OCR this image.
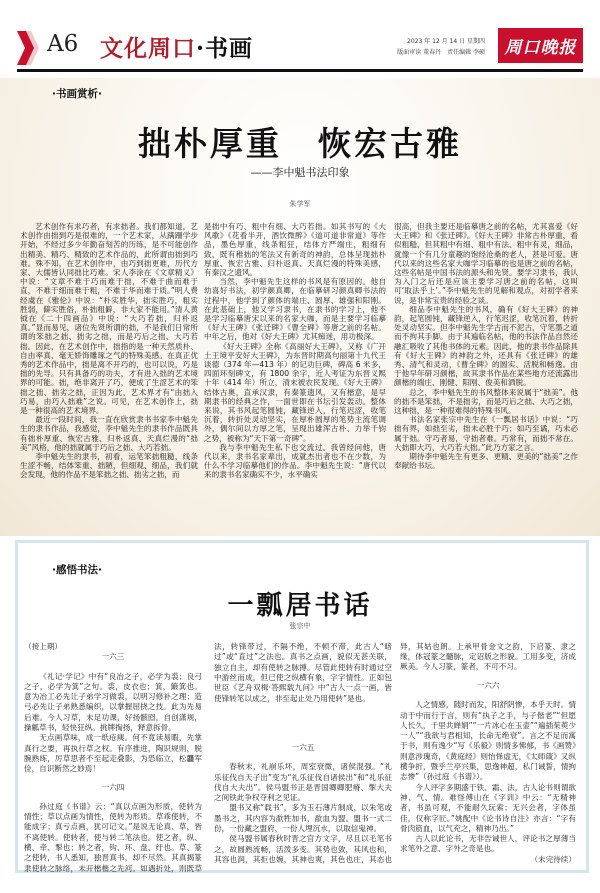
A6 文化周口·书画	2023 年 12 月 14 日 星期四
版面审读 董春丹　责任编辑 李硕	周口晚报
·书画赏析·
拙朴厚重　恢宏古雅
——李中魁书法印象
朱学军

艺术创作有求巧者，有求拙者。我们都知道，艺术创作由拙到巧是很难的，一个艺术家，从蹒跚学步开始，不经过多少年勤奋刻苦的历练，是不可能创作出精美、精巧、精致的艺术作品的，此所谓由拙到巧难。殊不知，在艺术创作中，由巧到拙更难，历代方家、大儒皆认同拙比巧难。宋人李涂在《文章精义》中说：“文章不难于巧而难于拙，不难于曲而难于直，不难于细而难于粗，不难于华而难于质。”明人费经虞在《雅伦》中说：“朴实胜华，拙实胜巧，粗实胜弱，僻实胜俗，朴拙粗僻，非大家不能用。”清人黄钺在《二十四画品》中说：“大巧若拙，归朴返真。”显而易见，诸位先贤所谓的拙，不是我们日常所谓的笨拙之拙、拙劣之拙，而是巧后之拙、大巧若拙。因此，在艺术创作中，拙指的是一种天然质朴、自由率真、毫无娇饰雕琢之气的特殊美感。在真正优秀的艺术作品中，拙是离不开巧的，也可以说，巧是拙的先导。只有具备巧的功夫，才有进入拙的艺术境界的可能。拙，绝非离开了巧，便成了生涩艺术的笨拙之拙、拙劣之拙，正因为此，艺术界才有“由拙入巧易，由巧入拙难”之说。可见，在艺术创作上，拙是一种很高的艺术境界。

最近一段时间，我一直在欣赏隶书书家李中魁先生的隶书作品，我感觉，李中魁先生的隶书作品既具有拙朴厚重、恢宏古雅、归朴返真、天真烂漫的“拙美”风格，他的拙就属于巧后之拙、大巧若拙。

李中魁先生的隶书，初看，运笔笨拙粗糙，线条生涩不畅，结体笨重、拙陋，但细观、细品，我们就会发现，他的作品不是笨拙之拙、拙劣之拙，而

是拙中有巧、粗中有细、大巧若拙。如其书写的《大风歌》《花看半开，酒饮微醉》《道可道非常道》等作品，墨色厚重，线条粗狂，结体方严端庄，粗细有致，既有稚拙的笔法又有新奇的神韵，总体呈现拙朴厚重、恢宏古雅、归朴返真、天真烂漫的特殊美感，有秦汉之遗风。

当然，李中魁先生这样的书风是有原因的。他自幼喜好书法，初学颜真卿，在临摹研习颜真卿书法的过程中，他学到了颜体的端庄、圆厚、雄强和阳刚。在此基础上，他又学习隶书，在隶书的学习上，他不是学习临摹唐宋以来的名家大咖，而是主要学习临摹《好大王碑》《张迁碑》《曹全碑》等唐之前的名帖。中年之后，他对《好大王碑》尤其痴迷，用功极深。

《好大王碑》全称《高丽好大王碑》，又称《广开土王境平安好大王碑》，为东晋时期高句丽第十九代王谈德（374 年—413 年）的记功巨碑，碑高 6 米多，四面环刻碑文，有 1800 余字，近人考证为东晋义熙十年（414 年）所立，清末被农民发现。《好大王碑》结体古奥，直承汉隶，有秦篆遗风，又有楷意，是早期隶书的经典之作，一面世即在书坛引发轰动。整体来说，其书风起笔圆钝，藏锋逆入，行笔迟涩，收笔沉着，转折处灵动坚实，在厚朴圆厚的笔势主流笔调外，偶尔间以方厚之笔，呈现出雄浑古朴、力举千钧之势，被称为“天下第一奇碑”。

我与李中魁先生私下也交流过。我曾经问他，唐代以来，隶书名家辈出，成就杰出者也不在少数，为什么不学习临摹他们的作品。李中魁先生说：“唐代以来的隶书名家确实不少，水平确实

很高，但我主要还是临摹唐之前的名帖，尤其喜爱《好大王碑》和《张迁碑》。《好大王碑》非常古朴厚重，看似粗糙，但其粗中有细、粗中有法、粗中有灵，细品，就像一个有几分童趣的饱经沧桑的老人，甚是可爱。唐代以来的这些名家大咖学习临摹的也是唐之前的名帖，这些名帖是中国书法的源头和先贤。要学习隶书，我认为入门之后还是应该主要学习唐之前的名帖，这叫可‘取法乎上’。”李中魁先生的见解和观点，对初学者来说，是非常宝贵的经验之谈。

细品李中魁先生的书风，确有《好大王碑》的神韵，起笔圆钝，藏锋逆入，行笔迟涩，收笔沉着，转折处灵动坚实。但李中魁先生学古而不泥古，守笔墨之道而不拘其手脚。由于其遍临名帖，他的书法作品自然还融汇吸收了其他书体的元素。因此，他的隶书作品除具有《好大王碑》的神韵之外，还具有《张迁碑》的雄秀、清气和灵动，《曹全碑》的圆实、活脱和畅逸。由于他早年研习颜楷，故其隶书作品在某些地方还流露出颜楷的端庄、刚健、阳刚、俊美和洒脱。

总之，李中魁先生的书风整体来说属于“拙美”。他的拙不是笨拙，不是拙劣，而是巧后之拙、大巧之拙，这种拙，是一种很难得的特殊书风。

书法名家张宗中先生在《一瓢居书话》中说：“巧拙有界，如拙至劣，拙未必胜于巧；如巧至谲，巧未必属于拙。守巧者易，守拙者难。巧常有，而拙不常在。大拙即大巧，大巧若大拙。”此乃方家之言。

期待李中魁先生有更多、更精、更美的“拙美”之作奉献给书坛。

·感悟书法·
一瓢居书话
张宗中

（接上期）

一六三

《礼记·学记》中有“良冶之子，必学为裘；良弓之子，必学为箕”之句。裘，皮衣也；箕，簸箕也。意为冶工必先让子弟学习做裘，以明习修补之理；造弓必先让子弟熟悉编织，以掌握屈挠之技。此为先易后难。今人习草，未足功课，好扬骸囵，自创潇规，操觚草书，轻快狂纵。挑牌掏扬，释意拆骨。

无点画草味，成一纸疮痍。何不竟读易暇，先掌真行之要，再执行草之权。有序推进，陶识规则，脱腕熟练，厉草思者不至起走叠影，为恐临立，松龘军俭，自识断然之妙焉！

一六四

孙过庭《书谱》云：“真以点画为形质，使转为情性；草以点画为情性，使转为形质。草乖使转，不能成字；真亏点画，犹可记文。”是说无论真、草，皆不离使转。使转者，使与转二笔法也。使之者，纵、横、牵、掣也；转之者，钩、环、盘、纡也。草、篆之使转，书人悉知，独晋真书，却不尽然。其真揭篆隶使转之脉络，未开楷楷之先河。如遇折处，则既草

法，转锋带过，不隔不绝，不顿不滞，此古人“暗过”或“直过”之法也。真书之点画，貌似无甚关联，独立自主，却有使转之脉搏。尽管此使转有时通过空中游丝而成，但已使之纵横有象，字字情性。正如包世臣《艺舟双楫·答熙载九问》中“古人一点一画，皆使锋转笔以成之，非至起止处乃用使转”是也。

一六五

春秋末，礼崩乐坏，周室衰微，诸侯混强。“礼乐征伐自天子出”变为“礼乐征伐自诸侯出”和“礼乐征伐自大夫出”。侯马盟书正是晋国卿卿肥瘠、掣大夫之间铁此争权夺利之见证。

盟书又称“载书”，多为玉石薄片制成，以朱笔或墨书之，其内容为歃牲加书，歃血为盟。盟书一式二份，一份藏之盟府，一份人埋沉水，以取信鬼神。

侯马盟书属春秋时晋之官方文字，尽且以毛笔书之，故圆熟流畅，活泼多变。其势也敛，其风也和，其容也润，其拒也婉，其神也爽，其色也庄，其态也

异，其姑也朗。上承甲骨金文之韵，下启篆、隶之缘，体冠篆之髓脉，定诏版之形貌。工用多变，济成厥美。今人习篆，篆者，不可不习。

一六六

人之情感，随时而发，阳舒阴惨，本乎天时。情动于中而行于言，则有“执子之手，与子偕老”“但愿人长久，千里共婵娟”“一片冰心在玉壶”“遍插茱萸少一人”“我欲与君相知，长命无绝衰”。言之不足而寓于书，则有逸少“写《乐毅》则情多怫郁，书《画赞》则意涉瑰奇，《黄庭经》则怡怿虚无，《太师箴》又纵横争折，暨乎兰亭兴集，思逸神超，私门诫誓，情拘志惨”（孙过庭《书谱》）。

今人评字多期盛于铁、霜、法，古人论书则谓欲神、气、情。难怪傅山在《字训》中云：“无精神者，书虽可观，不能耐久玩索；无兴会者，字体虽佳，仅称字匠。”姚配中《论书诗自注》亦言：“字有骨肉筋血，以气充之，精神乃出。”

古人以此论书，无非告诫世人，评论书之厚薄当求笔外之意、字外之奇是也。

（未完待续）
